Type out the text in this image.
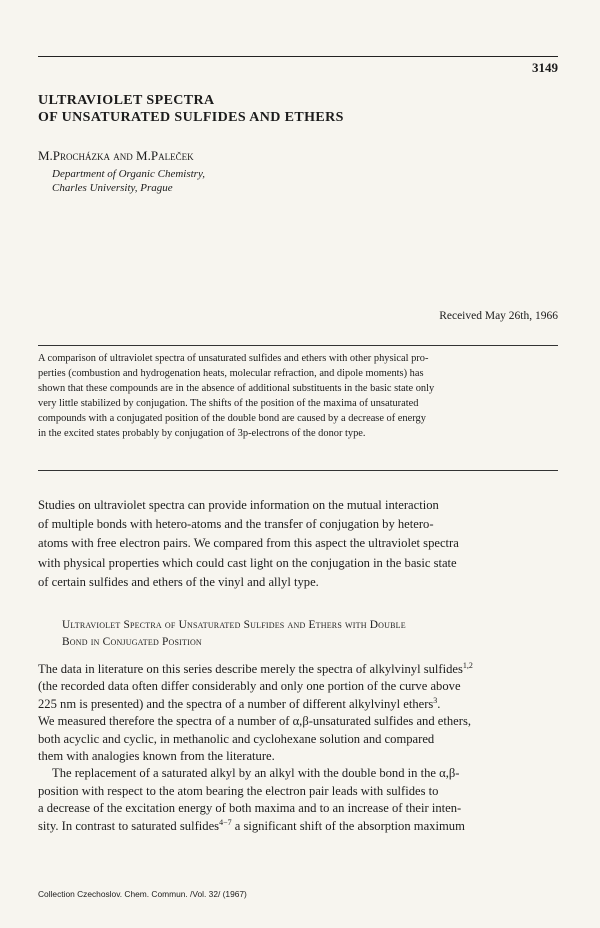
3149
ULTRAVIOLET SPECTRA
OF UNSATURATED SULFIDES AND ETHERS
M.Procházka and M.Paleček
Department of Organic Chemistry,
Charles University, Prague
Received May 26th, 1966
A comparison of ultraviolet spectra of unsaturated sulfides and ethers with other physical pro-
perties (combustion and hydrogenation heats, molecular refraction, and dipole moments) has
shown that these compounds are in the absence of additional substituents in the basic state only
very little stabilized by conjugation. The shifts of the position of the maxima of unsaturated
compounds with a conjugated position of the double bond are caused by a decrease of energy
in the excited states probably by conjugation of 3p-electrons of the donor type.
Studies on ultraviolet spectra can provide information on the mutual interaction
of multiple bonds with hetero-atoms and the transfer of conjugation by hetero-
atoms with free electron pairs. We compared from this aspect the ultraviolet spectra
with physical properties which could cast light on the conjugation in the basic state
of certain sulfides and ethers of the vinyl and allyl type.
Ultraviolet Spectra of Unsaturated Sulfides and Ethers with Double
Bond in Conjugated Position
The data in literature on this series describe merely the spectra of alkylvinyl sulfides$^{1,2}$
(the recorded data often differ considerably and only one portion of the curve above
225 nm is presented) and the spectra of a number of different alkylvinyl ethers$^3$.
We measured therefore the spectra of a number of α,β-unsaturated sulfides and ethers,
both acyclic and cyclic, in methanolic and cyclohexane solution and compared
them with analogies known from the literature.
The replacement of a saturated alkyl by an alkyl with the double bond in the α,β-
position with respect to the atom bearing the electron pair leads with sulfides to
a decrease of the excitation energy of both maxima and to an increase of their inten-
sity. In contrast to saturated sulfides$^{4-7}$ a significant shift of the absorption maximum
Collection Czechoslov. Chem. Commun. /Vol. 32/ (1967)
